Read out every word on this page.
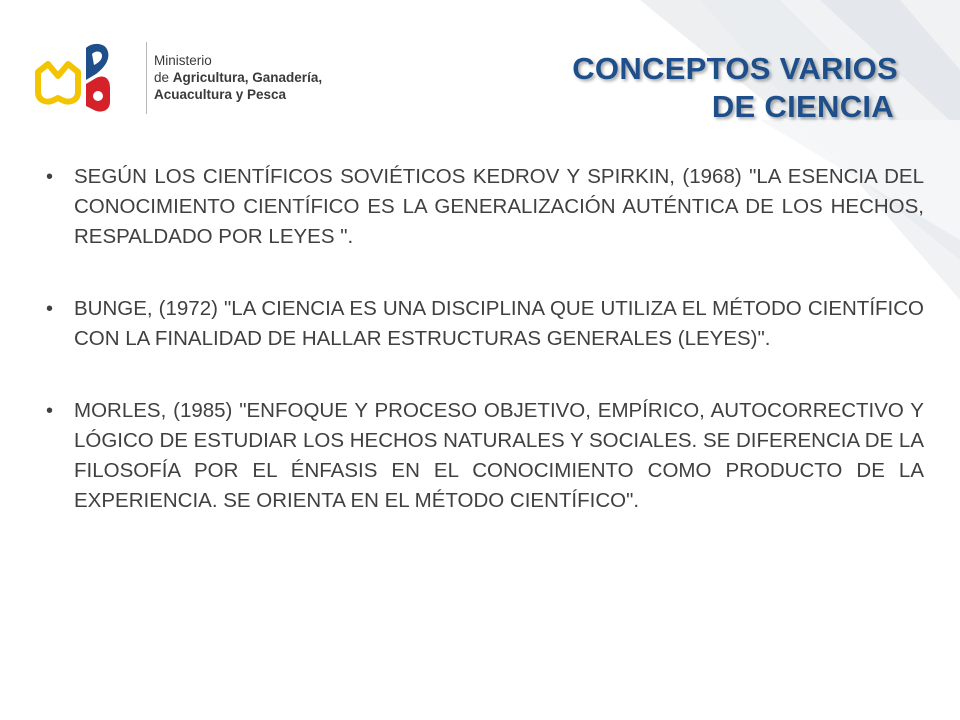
Ministerio
de Agricultura, Ganadería,
Acuacultura y Pesca
CONCEPTOS VARIOS
DE CIENCIA
• SEGÚN LOS CIENTÍFICOS SOVIÉTICOS KEDROV Y SPIRKIN, (1968) "LA ESENCIA DEL CONOCIMIENTO CIENTÍFICO ES LA GENERALIZACIÓN AUTÉNTICA DE LOS HECHOS, RESPALDADO POR LEYES ".
• BUNGE, (1972) "LA CIENCIA ES UNA DISCIPLINA QUE UTILIZA EL MÉTODO CIENTÍFICO CON LA FINALIDAD DE HALLAR ESTRUCTURAS GENERALES (LEYES)".
• MORLES, (1985) "ENFOQUE Y PROCESO OBJETIVO, EMPÍRICO, AUTOCORRECTIVO Y LÓGICO DE ESTUDIAR LOS HECHOS NATURALES Y SOCIALES. SE DIFERENCIA DE LA FILOSOFÍA POR EL ÉNFASIS EN EL CONOCIMIENTO COMO PRODUCTO DE LA EXPERIENCIA. SE ORIENTA EN EL MÉTODO CIENTÍFICO".
